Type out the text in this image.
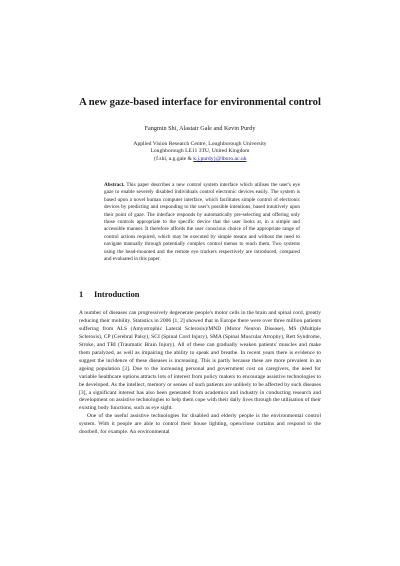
A new gaze-based interface for environmental control
Fangmin Shi, Alastair Gale and Kevin Purdy
Applied Vision Research Centre, Loughborough University
Loughborough LE11 3TU, United Kingdom
{f.shi, a.g.gale & k.j.purdy}@lboro.ac.uk
Abstract. This paper describes a new control system interface which utilises the user's eye gaze to enable severely disabled individuals control electronic devices easily. The system is based upon a novel human computer interface, which facilitates simple control of electronic devices by predicting and responding to the user's possible intentions, based intuitively upon their point of gaze. The interface responds by automatically pre-selecting and offering only those controls appropriate to the specific device that the user looks at, in a simple and accessible manner. It therefore affords the user conscious choice of the appropriate range of control actions required, which may be executed by simple means and without the need to navigate manually through potentially complex control menus to reach them. Two systems using the head-mounted and the remote eye trackers respectively are introduced, compared and evaluated in this paper.
1 Introduction

A number of diseases can progressively degenerate people's motor cells in the brain and spinal cord, greatly reducing their mobility. Statistics in 2006 [1, 2] showed that in Europe there were over three million patients suffering from ALS (Amyotrophic Lateral Sclerosis)/MND (Motor Neuron Disease), MS (Multiple Sclerosis), CP (Cerebral Palsy), SCI (Spinal Cord Injury), SMA (Spinal Muscular Atrophy), Rett Syndrome, Stroke, and TBI (Traumatic Brain Injury). All of these can gradually weaken patients' muscles and make them paralyzed, as well as impairing the ability to speak and breathe. In recent years there is evidence to suggest the incidence of these diseases is increasing. This is partly because these are more prevalent in an ageing population [3]. Due to the increasing personal and government cost on caregivers, the need for variable healthcare options attracts lots of interest from policy makers to encourage assistive technologies to be developed. As the intellect, memory or senses of such patients are unlikely to be affected by such diseases [3], a significant interest has also been generated from academics and industry in conducting research and development on assistive technologies to help them cope with their daily lives through the utilisation of their existing body functions, such as eye sight.

One of the useful assistive technologies for disabled and elderly people is the environmental control system. With it people are able to control their house lighting, open/close curtains and respond to the doorbell, for example. An environmental
